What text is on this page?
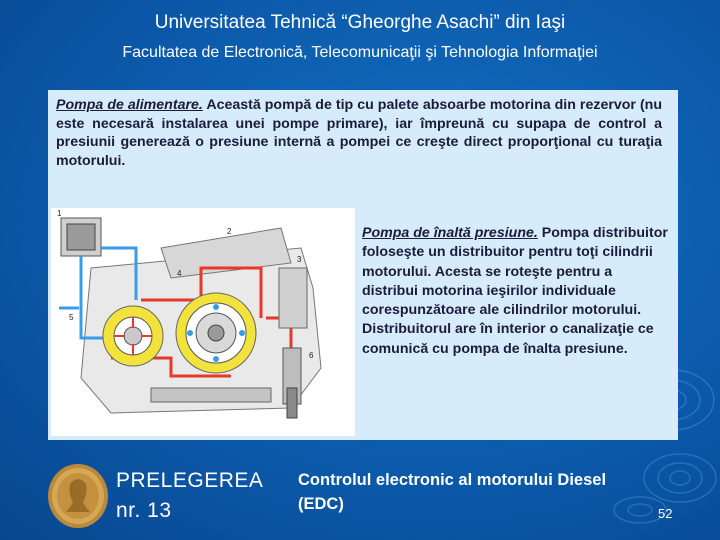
Universitatea Tehnică “Gheorghe Asachi” din Iaşi
Facultatea de Electronică, Telecomunicaţii şi Tehnologia Informaţiei

Pompa de alimentare. Această pompă de tip cu palete absoarbe motorina din rezervor (nu este necesară instalarea unei pompe primare), iar împreună cu supapa de control a presiunii generează o presiune internă a pompei ce creşte direct proporţional cu turaţia motorului.

1
2
3
4
5
6

Pompa de înaltă presiune. Pompa distribuitor foloseşte un distribuitor pentru toţi cilindrii motorului. Acesta se roteşte pentru a distribui motorina ieşirilor individuale corespunzătoare ale cilindrilor motorului. Distribuitorul are în interior o canalizaţie ce comunică cu pompa de înalta presiune.

PRELEGEREA
nr. 13
Controlul electronic al motorului Diesel (EDC)
52
